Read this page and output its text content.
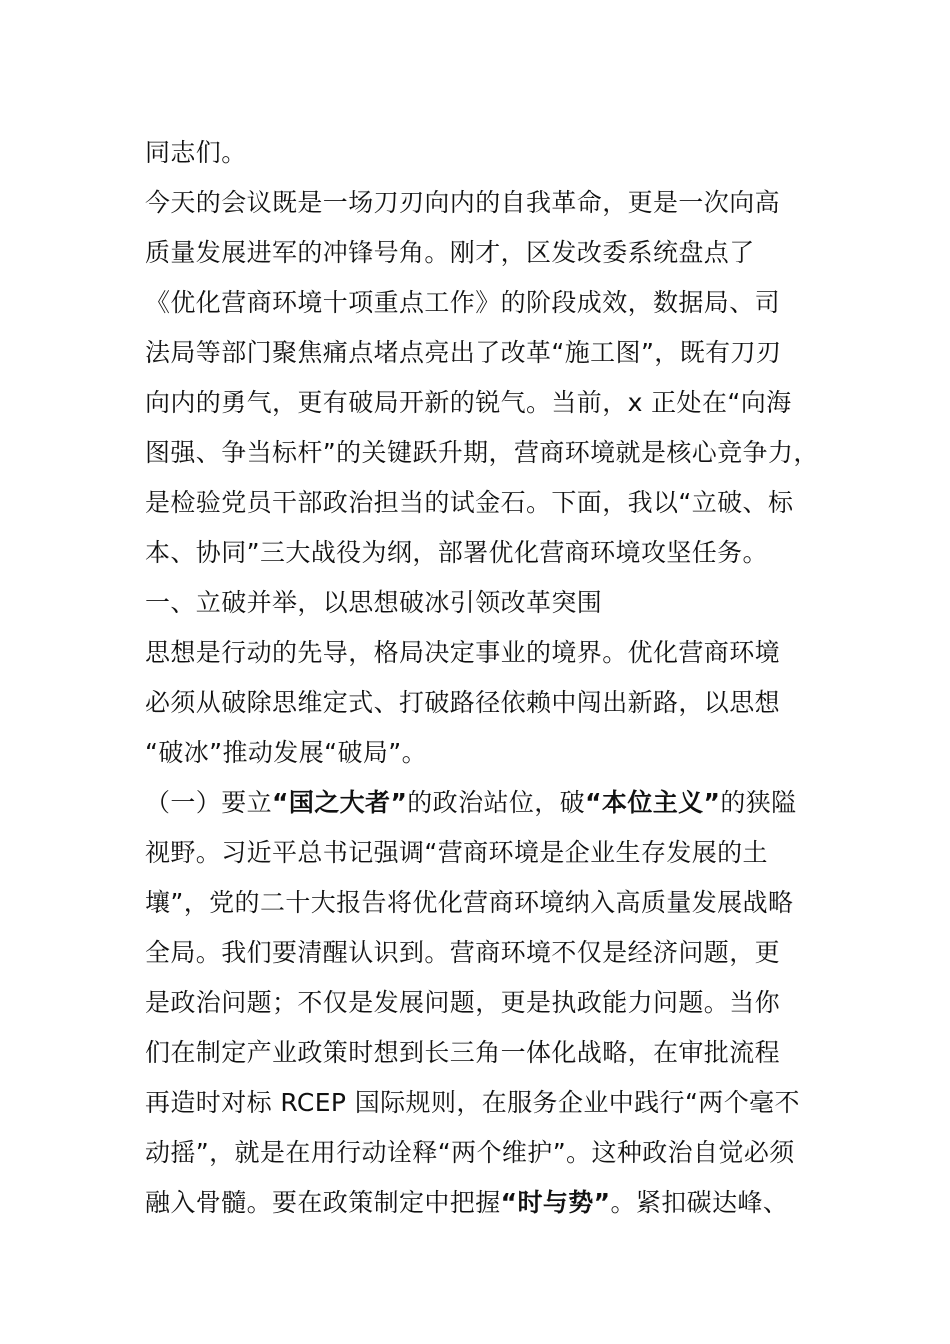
同志们。
今天的会议既是一场刀刃向内的自我革命，更是一次向高
质量发展进军的冲锋号角。刚才，区发改委系统盘点了
《优化营商环境十项重点工作》的阶段成效，数据局、司
法局等部门聚焦痛点堵点亮出了改革“施工图”，既有刀刃
向内的勇气，更有破局开新的锐气。当前，x 正处在“向海
图强、争当标杆”的关键跃升期，营商环境就是核心竞争力，
是检验党员干部政治担当的试金石。下面，我以“立破、标
本、协同”三大战役为纲，部署优化营商环境攻坚任务。
一、立破并举，以思想破冰引领改革突围
思想是行动的先导，格局决定事业的境界。优化营商环境
必须从破除思维定式、打破路径依赖中闯出新路，以思想
“破冰”推动发展“破局”。
（一）要立“国之大者”的政治站位，破“本位主义”的狭隘
视野。习近平总书记强调“营商环境是企业生存发展的土
壤”，党的二十大报告将优化营商环境纳入高质量发展战略
全局。我们要清醒认识到。营商环境不仅是经济问题，更
是政治问题；不仅是发展问题，更是执政能力问题。当你
们在制定产业政策时想到长三角一体化战略，在审批流程
再造时对标 RCEP 国际规则，在服务企业中践行“两个毫不
动摇”，就是在用行动诠释“两个维护”。这种政治自觉必须
融入骨髓。要在政策制定中把握“时与势”。紧扣碳达峰、
